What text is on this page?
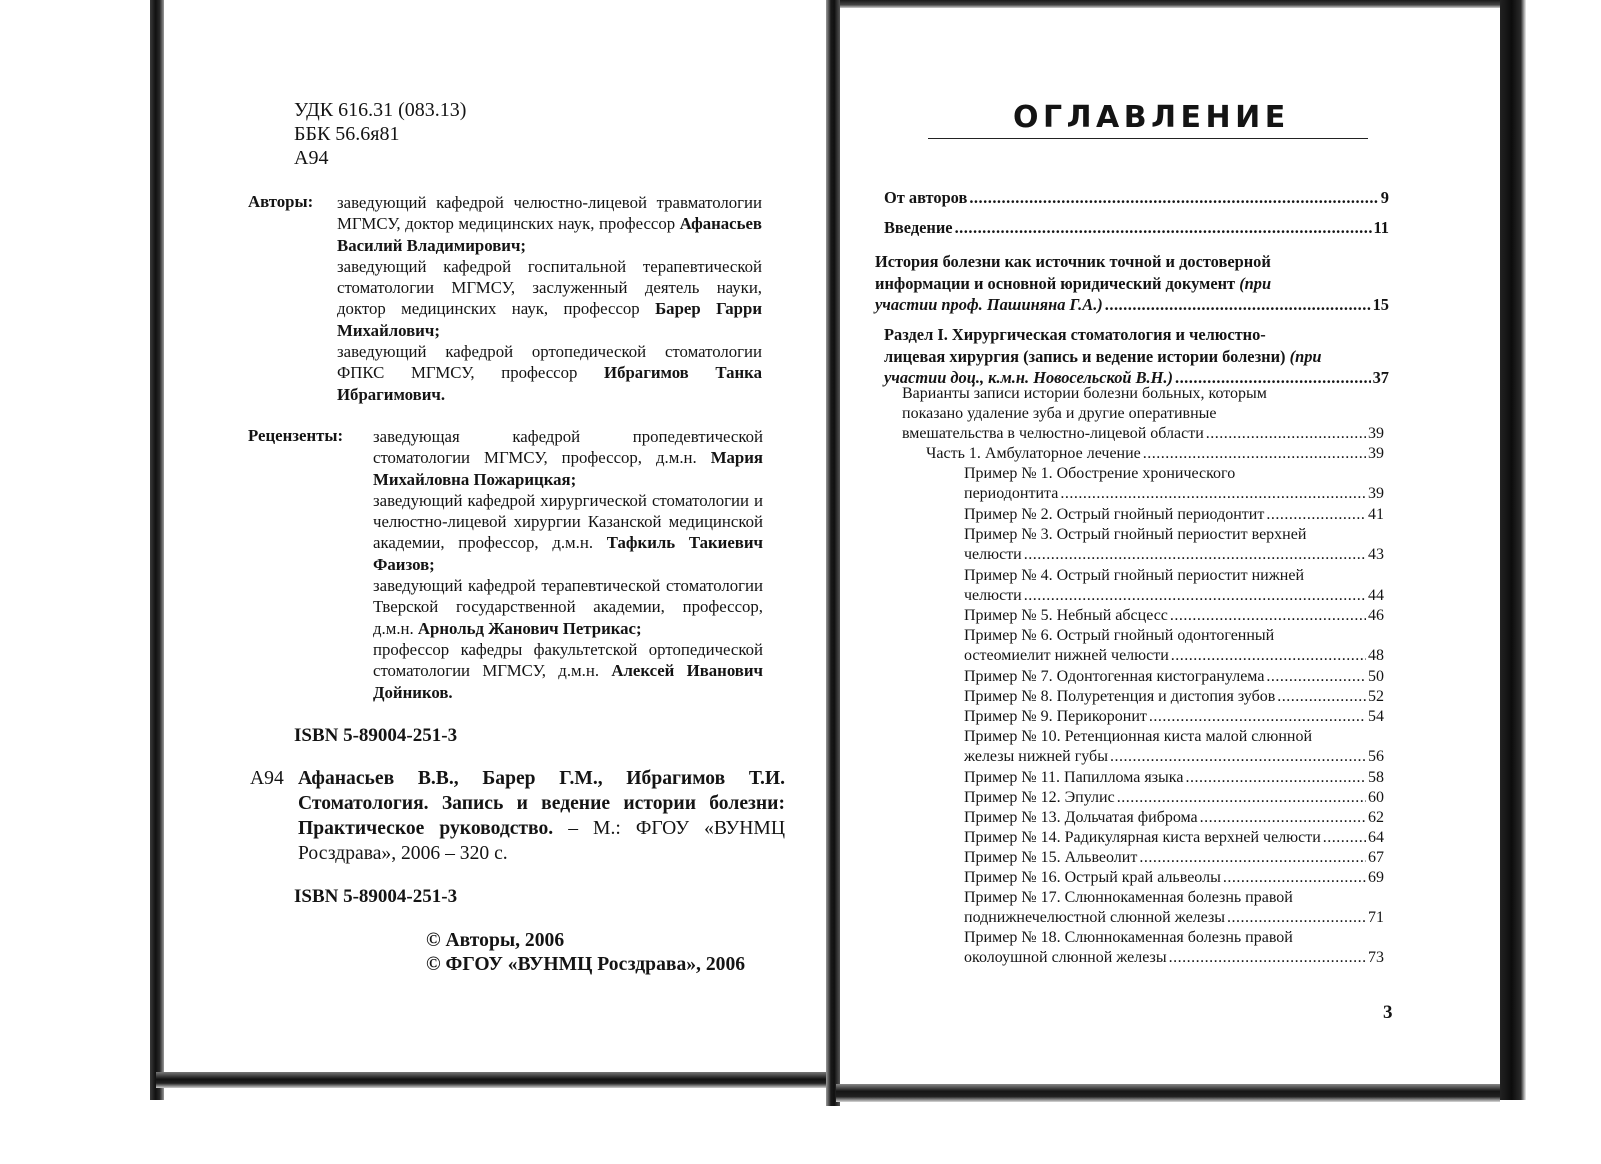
УДК 616.31 (083.13)
ББК 56.6я81
А94
Авторы: заведующий кафедрой челюстно-лицевой травматологии МГМСУ, доктор медицинских наук, профессор Афанасьев Василий Владимирович;
заведующий кафедрой госпитальной терапевтической стоматологии МГМСУ, заслуженный деятель науки, доктор медицинских наук, профессор Барер Гарри Михайлович;
заведующий кафедрой ортопедической стоматологии ФПКС МГМСУ, профессор Ибрагимов Танка Ибрагимович.
Рецензенты: заведующая кафедрой пропедевтической стоматологии МГМСУ, профессор, д.м.н. Мария Михайловна Пожарицкая;
заведующий кафедрой хирургической стоматологии и челюстно-лицевой хирургии Казанской медицинской академии, профессор, д.м.н. Тафкиль Такиевич Фаизов;
заведующий кафедрой терапевтической стоматологии Тверской государственной академии, профессор, д.м.н. Арнольд Жанович Петрикас;
профессор кафедры факультетской ортопедической стоматологии МГМСУ, д.м.н. Алексей Иванович Дойников.
ISBN 5-89004-251-3
А94 Афанасьев В.В., Барер Г.М., Ибрагимов Т.И. Стоматология. Запись и ведение истории болезни: Практическое руководство. – М.: ФГОУ «ВУНМЦ Росздрава», 2006 – 320 с.
ISBN 5-89004-251-3
© Авторы, 2006
© ФГОУ «ВУНМЦ Росздрава», 2006
ОГЛАВЛЕНИЕ
От авторов .....	9
Введение .....	11
История болезни как источник точной и достоверной
информации и основной юридический документ (при
участии проф. Пашиняна Г.А.) .....	15
Раздел I. Хирургическая стоматология и челюстно-
лицевая хирургия (запись и ведение истории болезни) (при
участии доц., к.м.н. Новосельской В.Н.) .....	37
Варианты записи истории болезни больных, которым
показано удаление зуба и другие оперативные
вмешательства в челюстно-лицевой области .....	39
Часть 1. Амбулаторное лечение .....	39
Пример № 1. Обострение хронического
периодонтита .....	39
Пример № 2. Острый гнойный периодонтит .....	41
Пример № 3. Острый гнойный периостит верхней
челюсти .....	43
Пример № 4. Острый гнойный периостит нижней
челюсти .....	44
Пример № 5. Небный абсцесс .....	46
Пример № 6. Острый гнойный одонтогенный
остеомиелит нижней челюсти .....	48
Пример № 7. Одонтогенная кистогранулема .....	50
Пример № 8. Полуретенция и дистопия зубов .....	52
Пример № 9. Перикоронит .....	54
Пример № 10. Ретенционная киста малой слюнной
железы нижней губы .....	56
Пример № 11. Папиллома языка .....	58
Пример № 12. Эпулис .....	60
Пример № 13. Дольчатая фиброма .....	62
Пример № 14. Радикулярная киста верхней челюсти .....	64
Пример № 15. Альвеолит .....	67
Пример № 16. Острый край альвеолы .....	69
Пример № 17. Слюннокаменная болезнь правой
поднижнечелюстной слюнной железы .....	71
Пример № 18. Слюннокаменная болезнь правой
околоушной слюнной железы .....	73
3
